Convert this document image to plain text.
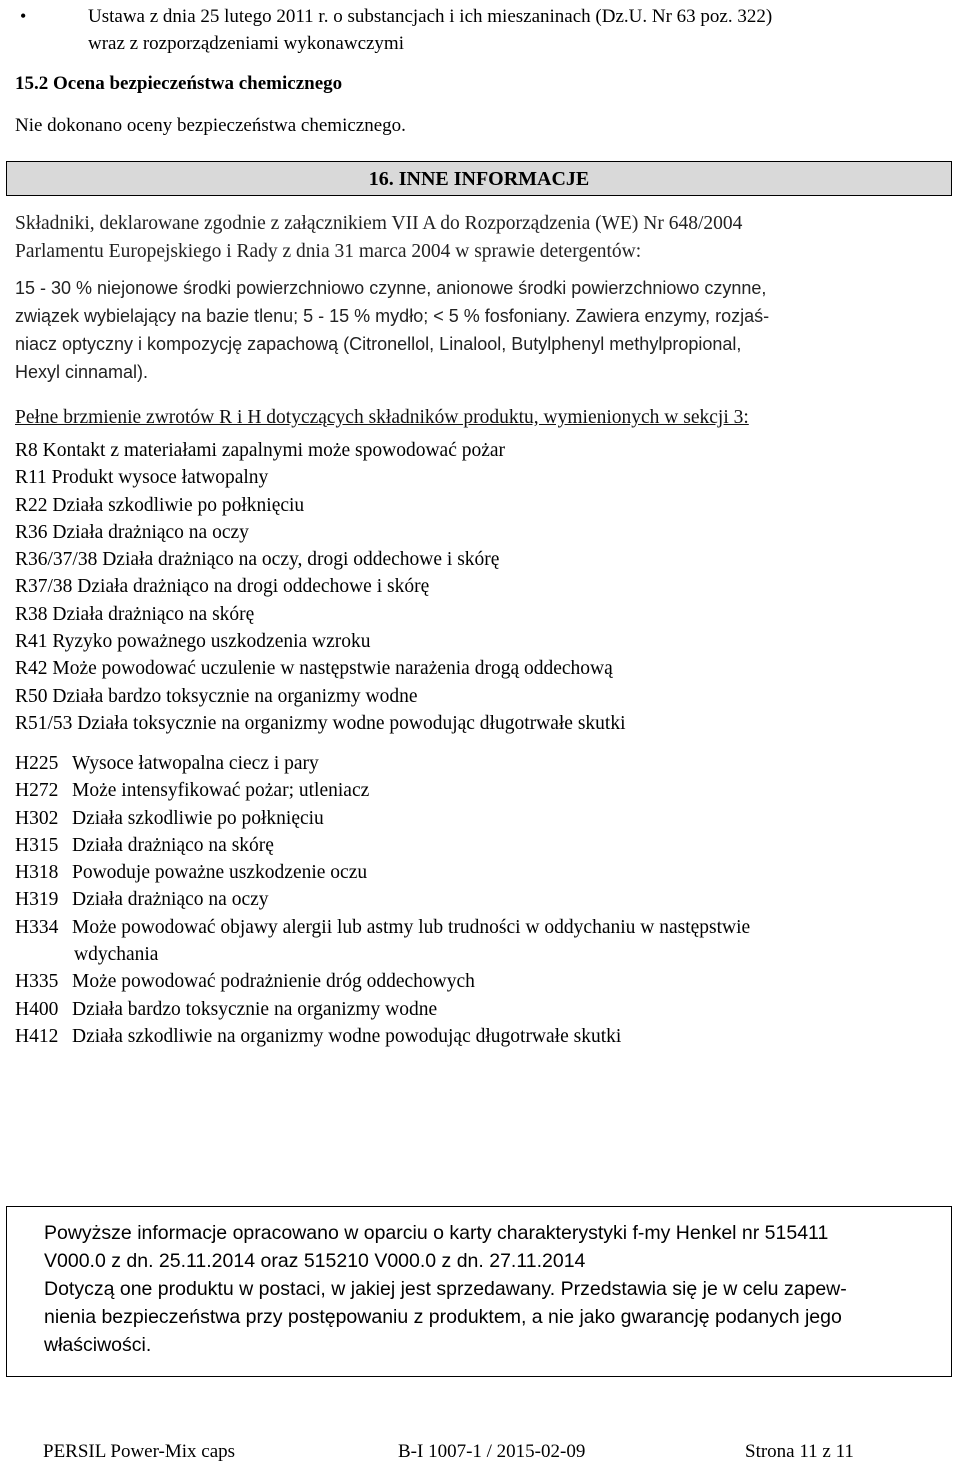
•	Ustawa z dnia 25 lutego 2011 r. o substancjach i ich mieszaninach (Dz.U. Nr 63 poz. 322)
wraz z rozporządzeniami wykonawczymi

15.2 Ocena bezpieczeństwa chemicznego

Nie dokonano oceny bezpieczeństwa chemicznego.

16. INNE INFORMACJE

Składniki, deklarowane zgodnie z załącznikiem VII A do Rozporządzenia (WE) Nr 648/2004
Parlamentu Europejskiego i Rady z dnia 31 marca 2004 w sprawie detergentów:

15 - 30 % niejonowe środki powierzchniowo czynne, anionowe środki powierzchniowo czynne,
związek wybielający na bazie tlenu; 5 - 15 % mydło; < 5 % fosfoniany. Zawiera enzymy, rozjaś-
niacz optyczny i kompozycję zapachową (Citronellol, Linalool, Butylphenyl methylpropional,
Hexyl cinnamal).

Pełne brzmienie zwrotów R i H dotyczących składników produktu, wymienionych w sekcji 3:

R8 Kontakt z materiałami zapalnymi może spowodować pożar
R11 Produkt wysoce łatwopalny
R22 Działa szkodliwie po połknięciu
R36 Działa drażniąco na oczy
R36/37/38 Działa drażniąco na oczy, drogi oddechowe i skórę
R37/38 Działa drażniąco na drogi oddechowe i skórę
R38 Działa drażniąco na skórę
R41 Ryzyko poważnego uszkodzenia wzroku
R42 Może powodować uczulenie w następstwie narażenia drogą oddechową
R50 Działa bardzo toksycznie na organizmy wodne
R51/53 Działa toksycznie na organizmy wodne powodując długotrwałe skutki
H225 Wysoce łatwopalna ciecz i pary
H272 Może intensyfikować pożar; utleniacz
H302 Działa szkodliwie po połknięciu
H315 Działa drażniąco na skórę
H318 Powoduje poważne uszkodzenie oczu
H319 Działa drażniąco na oczy
H334 Może powodować objawy alergii lub astmy lub trudności w oddychaniu w następstwie
wdychania
H335 Może powodować podrażnienie dróg oddechowych
H400 Działa bardzo toksycznie na organizmy wodne
H412 Działa szkodliwie na organizmy wodne powodując długotrwałe skutki

Powyższe informacje opracowano w oparciu o karty charakterystyki f-my Henkel nr 515411
V000.0 z dn. 25.11.2014 oraz 515210 V000.0 z dn. 27.11.2014
Dotyczą one produktu w postaci, w jakiej jest sprzedawany. Przedstawia się je w celu zapew-
nienia bezpieczeństwa przy postępowaniu z produktem, a nie jako gwarancję podanych jego
właściwości.

PERSIL Power-Mix caps	B-I 1007-1 / 2015-02-09	Strona 11 z 11
